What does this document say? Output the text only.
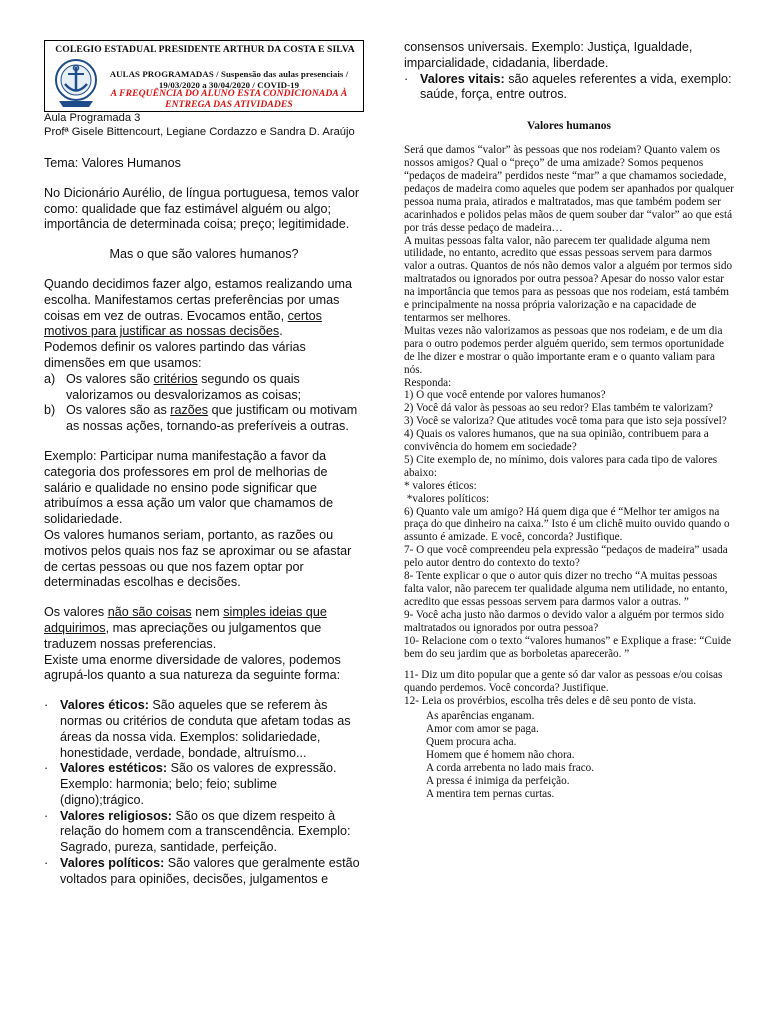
COLEGIO ESTADUAL PRESIDENTE ARTHUR DA COSTA E SILVA
AULAS PROGRAMADAS / Suspensão das aulas presenciais / 19/03/2020 a 30/04/2020 / COVID-19
A FREQUÊNCIA DO ALUNO ESTA CONDICIONADA À ENTREGA DAS ATIVIDADES

Aula Programada 3

Profª Gisele Bittencourt, Legiane Cordazzo e Sandra D. Araújo

Tema: Valores Humanos

No Dicionário Aurélio, de língua portuguesa, temos valor como: qualidade que faz estimável alguém ou algo; importância de determinada coisa; preço; legitimidade.

Mas o que são valores humanos?

Quando decidimos fazer algo, estamos realizando uma escolha. Manifestamos certas preferências por umas coisas em vez de outras. Evocamos então, certos motivos para justificar as nossas decisões.

Podemos definir os valores partindo das várias dimensões em que usamos:

a) Os valores são critérios segundo os quais valorizamos ou desvalorizamos as coisas;
b) Os valores são as razões que justificam ou motivam as nossas ações, tornando-as preferíveis a outras.

Exemplo: Participar numa manifestação a favor da categoria dos professores em prol de melhorias de salário e qualidade no ensino pode significar que atribuímos a essa ação um valor que chamamos de solidariedade.

Os valores humanos seriam, portanto, as razões ou motivos pelos quais nos faz se aproximar ou se afastar de certas pessoas ou que nos fazem optar por determinadas escolhas e decisões.

Os valores não são coisas nem simples ideias que adquirimos, mas apreciações ou julgamentos que traduzem nossas preferencias.

Existe uma enorme diversidade de valores, podemos agrupá-los quanto a sua natureza da seguinte forma:

· Valores éticos: São aqueles que se referem às normas ou critérios de conduta que afetam todas as áreas da nossa vida. Exemplos: solidariedade, honestidade, verdade, bondade, altruísmo...
· Valores estéticos: São os valores de expressão. Exemplo: harmonia; belo; feio; sublime (digno);trágico.
· Valores religiosos: São os que dizem respeito à relação do homem com a transcendência. Exemplo: Sagrado, pureza, santidade, perfeição.
· Valores políticos: São valores que geralmente estão voltados para opiniões, decisões, julgamentos e

consensos universais. Exemplo: Justiça, Igualdade, imparcialidade, cidadania, liberdade.

· Valores vitais: são aqueles referentes a vida, exemplo: saúde, força, entre outros.

Valores humanos

Será que damos “valor” às pessoas que nos rodeiam? Quanto valem os nossos amigos? Qual o “preço” de uma amizade? Somos pequenos “pedaços de madeira” perdidos neste “mar” a que chamamos sociedade, pedaços de madeira como aqueles que podem ser apanhados por qualquer pessoa numa praia, atirados e maltratados, mas que também podem ser acarinhados e polidos pelas mãos de quem souber dar “valor” ao que está por trás desse pedaço de madeira…

A muitas pessoas falta valor, não parecem ter qualidade alguma nem utilidade, no entanto, acredito que essas pessoas servem para darmos valor a outras. Quantos de nós não demos valor a alguém por termos sido maltratados ou ignorados por outra pessoa? Apesar do nosso valor estar na importância que temos para as pessoas que nos rodeiam, está também e principalmente na nossa própria valorização e na capacidade de tentarmos ser melhores.

Muitas vezes não valorizamos as pessoas que nos rodeiam, e de um dia para o outro podemos perder alguém querido, sem termos oportunidade de lhe dizer e mostrar o quão importante eram e o quanto valiam para nós.

Responda:

1) O que você entende por valores humanos?

2) Você dá valor às pessoas ao seu redor? Elas também te valorizam?

3) Você se valoriza? Que atitudes você toma para que isto seja possível?

4) Quais os valores humanos, que na sua opinião, contribuem para a convivência do homem em sociedade?

5) Cite exemplo de, no mínimo, dois valores para cada tipo de valores abaixo:

* valores éticos:

*valores políticos:

6) Quanto vale um amigo? Há quem diga que é “Melhor ter amigos na praça do que dinheiro na caixa.” Isto é um clichê muito ouvido quando o assunto é amizade. E você, concorda? Justifique.

7- O que você compreendeu pela expressão “pedaços de madeira” usada pelo autor dentro do contexto do texto?

8- Tente explicar o que o autor quis dizer no trecho “A muitas pessoas falta valor, não parecem ter qualidade alguma nem utilidade, no entanto, acredito que essas pessoas servem para darmos valor a outras. ”

9- Você acha justo não darmos o devido valor a alguém por termos sido maltratados ou ignorados por outra pessoa?

10- Relacione com o texto “valores humanos” e Explique a frase: “Cuide bem do seu jardim que as borboletas aparecerão. ”

11- Diz um dito popular que a gente só dar valor as pessoas e/ou coisas quando perdemos. Você concorda? Justifique.

12- Leia os provérbios, escolha três deles e dê seu ponto de vista.

As aparências enganam.

Amor com amor se paga.

Quem procura acha.

Homem que é homem não chora.

A corda arrebenta no lado mais fraco.

A pressa é inimiga da perfeição.

A mentira tem pernas curtas.
